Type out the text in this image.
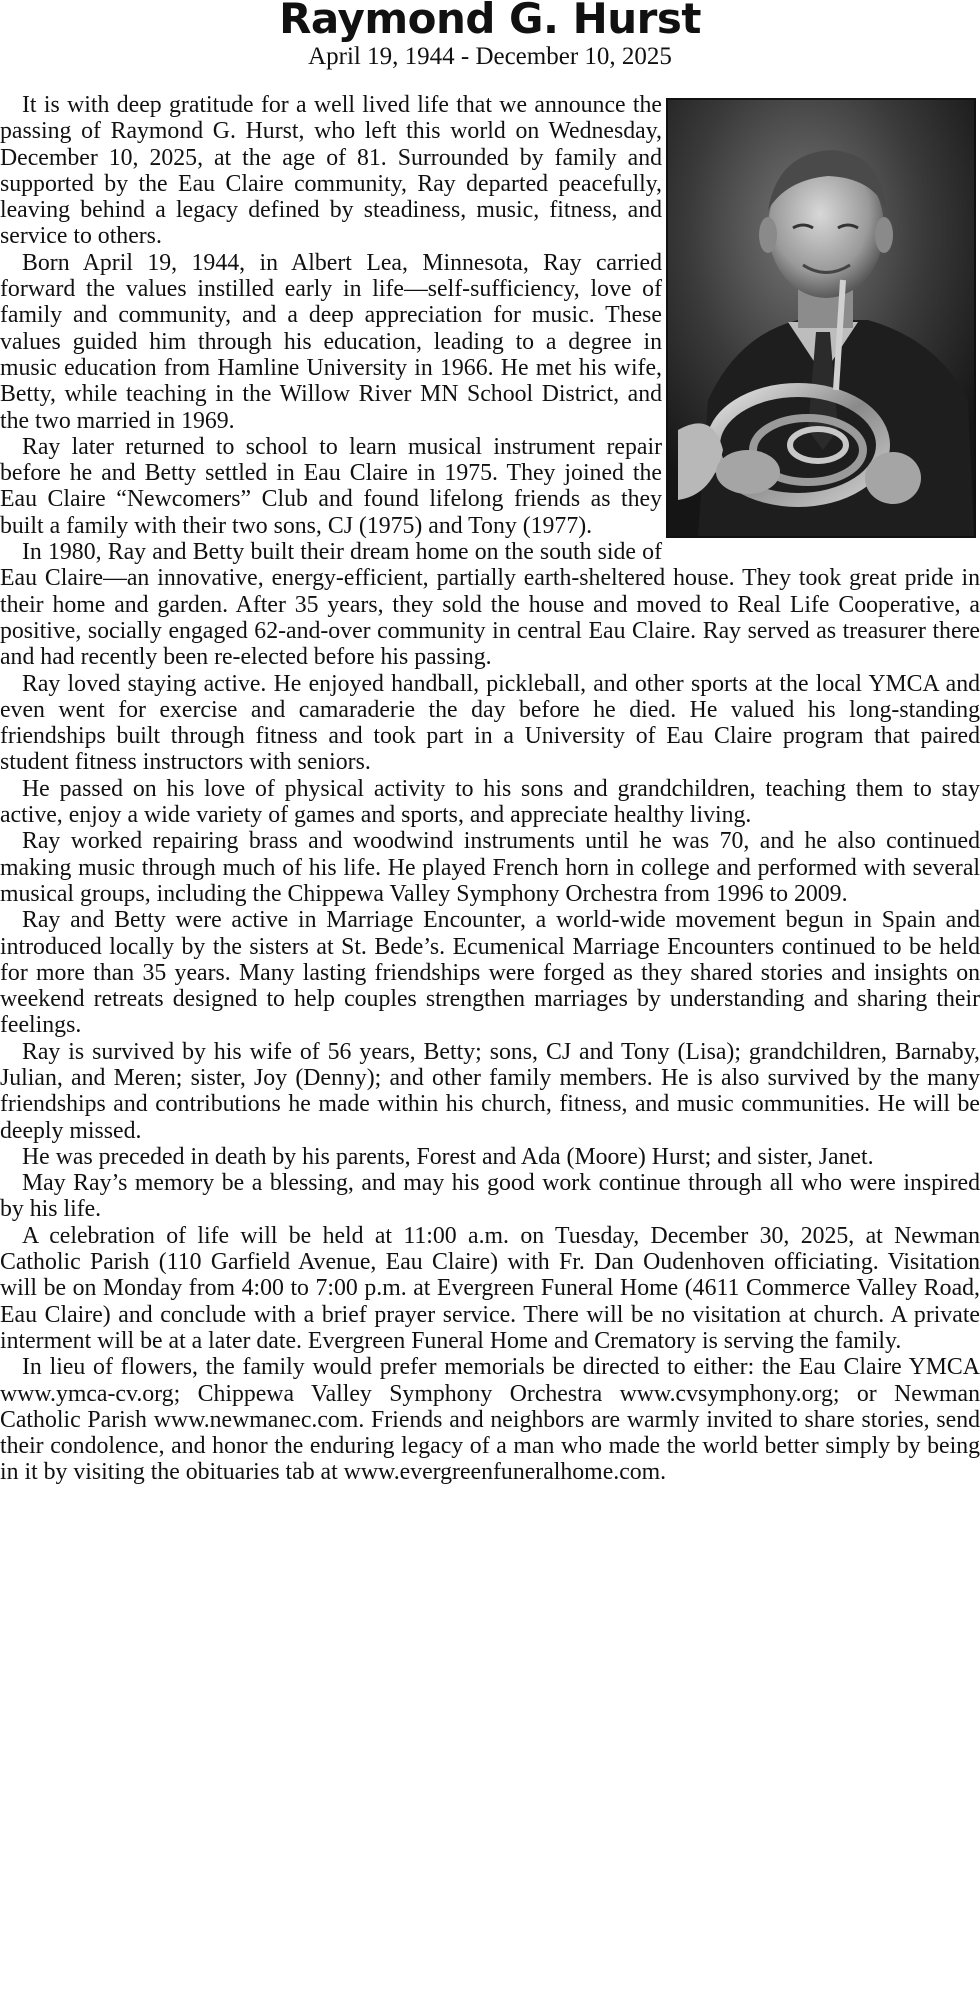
Raymond G. Hurst
April 19, 1944 - December 10, 2025

It is with deep gratitude for a well lived life that we announce the passing of Raymond G. Hurst, who left this world on Wednesday, December 10, 2025, at the age of 81. Surrounded by family and supported by the Eau Claire community, Ray departed peacefully, leaving behind a legacy defined by steadiness, music, fitness, and service to others.

Born April 19, 1944, in Albert Lea, Minnesota, Ray carried forward the values instilled early in life—self-sufficiency, love of family and community, and a deep appreciation for music. These values guided him through his education, leading to a degree in music education from Hamline University in 1966. He met his wife, Betty, while teaching in the Willow River MN School District, and the two married in 1969.

Ray later returned to school to learn musical instrument repair before he and Betty settled in Eau Claire in 1975. They joined the Eau Claire “Newcomers” Club and found lifelong friends as they built a family with their two sons, CJ (1975) and Tony (1977).

In 1980, Ray and Betty built their dream home on the south side of Eau Claire—an innovative, energy-efficient, partially earth-sheltered house. They took great pride in their home and garden. After 35 years, they sold the house and moved to Real Life Cooperative, a positive, socially engaged 62-and-over community in central Eau Claire. Ray served as treasurer there and had recently been re-elected before his passing.

Ray loved staying active. He enjoyed handball, pickleball, and other sports at the local YMCA and even went for exercise and camaraderie the day before he died. He valued his long-standing friendships built through fitness and took part in a University of Eau Claire program that paired student fitness instructors with seniors.

He passed on his love of physical activity to his sons and grandchildren, teaching them to stay active, enjoy a wide variety of games and sports, and appreciate healthy living.

Ray worked repairing brass and woodwind instruments until he was 70, and he also continued making music through much of his life. He played French horn in college and performed with several musical groups, including the Chippewa Valley Symphony Orchestra from 1996 to 2009.

Ray and Betty were active in Marriage Encounter, a world-wide movement begun in Spain and introduced locally by the sisters at St. Bede’s. Ecumenical Marriage Encounters continued to be held for more than 35 years. Many lasting friendships were forged as they shared stories and insights on weekend retreats designed to help couples strengthen marriages by understanding and sharing their feelings.

Ray is survived by his wife of 56 years, Betty; sons, CJ and Tony (Lisa); grandchildren, Barnaby, Julian, and Meren; sister, Joy (Denny); and other family members. He is also survived by the many friendships and contributions he made within his church, fitness, and music communities. He will be deeply missed.

He was preceded in death by his parents, Forest and Ada (Moore) Hurst; and sister, Janet.

May Ray’s memory be a blessing, and may his good work continue through all who were inspired by his life.

A celebration of life will be held at 11:00 a.m. on Tuesday, December 30, 2025, at Newman Catholic Parish (110 Garfield Avenue, Eau Claire) with Fr. Dan Oudenhoven officiating. Visitation will be on Monday from 4:00 to 7:00 p.m. at Evergreen Funeral Home (4611 Commerce Valley Road, Eau Claire) and conclude with a brief prayer service. There will be no visitation at church. A private interment will be at a later date. Evergreen Funeral Home and Crematory is serving the family.

In lieu of flowers, the family would prefer memorials be directed to either: the Eau Claire YMCA www.ymca-cv.org; Chippewa Valley Symphony Orchestra www.cvsymphony.org; or Newman Catholic Parish www.newmanec.com. Friends and neighbors are warmly invited to share stories, send their condolence, and honor the enduring legacy of a man who made the world better simply by being in it by visiting the obituaries tab at www.evergreenfuneralhome.com.
